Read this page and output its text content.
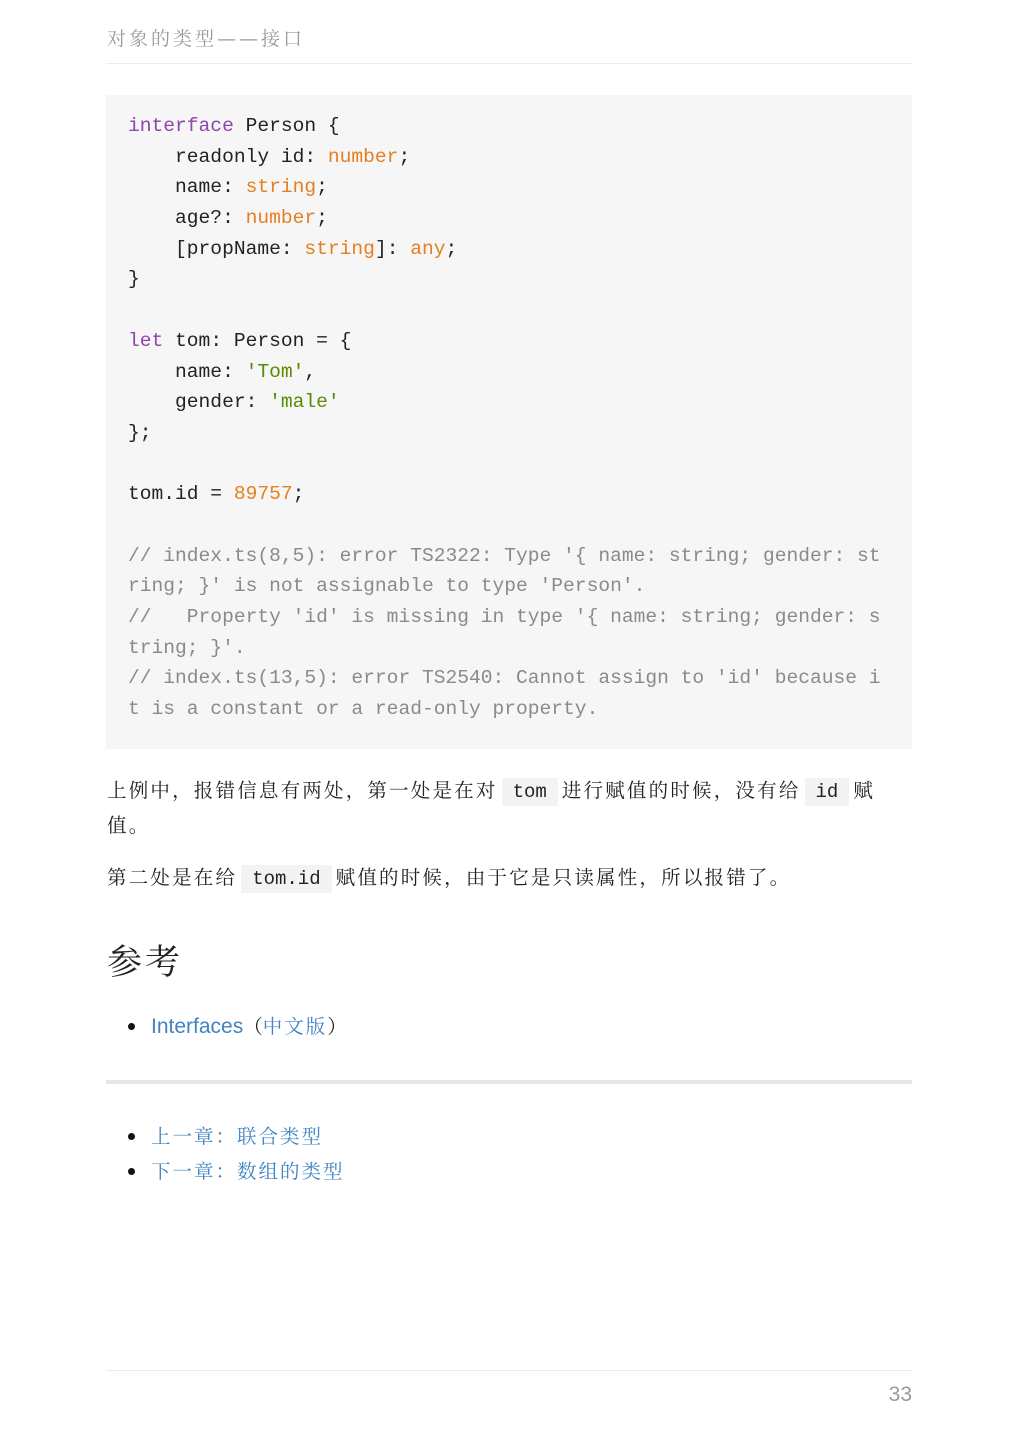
对象的类型——接口
interface Person {
readonly id: number;
name: string;
age?: number;
[propName: string]: any;
}
let tom: Person = {
name: 'Tom',
gender: 'male'
};
tom.id = 89757;
// index.ts(8,5): error TS2322: Type '{ name: string; gender: st
ring; }' is not assignable to type 'Person'.
//   Property 'id' is missing in type '{ name: string; gender: s
tring; }'.
// index.ts(13,5): error TS2540: Cannot assign to 'id' because i
t is a constant or a read-only property.
上例中，报错信息有两处，第一处是在对 tom 进行赋值的时候，没有给 id 赋值。
第二处是在给 tom.id 赋值的时候，由于它是只读属性，所以报错了。
参考
Interfaces（中文版）
上一章：联合类型
下一章：数组的类型
33
